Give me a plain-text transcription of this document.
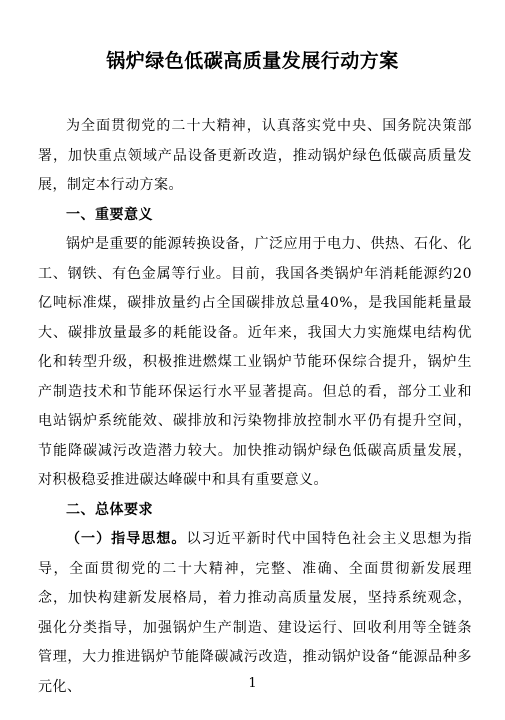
锅炉绿色低碳高质量发展行动方案

为全面贯彻党的二十大精神，认真落实党中央、国务院决策部署，加快重点领域产品设备更新改造，推动锅炉绿色低碳高质量发展，制定本行动方案。

一、重要意义

锅炉是重要的能源转换设备，广泛应用于电力、供热、石化、化工、钢铁、有色金属等行业。目前，我国各类锅炉年消耗能源约20亿吨标准煤，碳排放量约占全国碳排放总量40%，是我国能耗量最大、碳排放量最多的耗能设备。近年来，我国大力实施煤电结构优化和转型升级，积极推进燃煤工业锅炉节能环保综合提升，锅炉生产制造技术和节能环保运行水平显著提高。但总的看，部分工业和电站锅炉系统能效、碳排放和污染物排放控制水平仍有提升空间，节能降碳减污改造潜力较大。加快推动锅炉绿色低碳高质量发展，对积极稳妥推进碳达峰碳中和具有重要意义。

二、总体要求

（一）指导思想。以习近平新时代中国特色社会主义思想为指导，全面贯彻党的二十大精神，完整、准确、全面贯彻新发展理念，加快构建新发展格局，着力推动高质量发展，坚持系统观念，强化分类指导，加强锅炉生产制造、建设运行、回收利用等全链条管理，大力推进锅炉节能降碳减污改造，推动锅炉设备“能源品种多元化、	1
